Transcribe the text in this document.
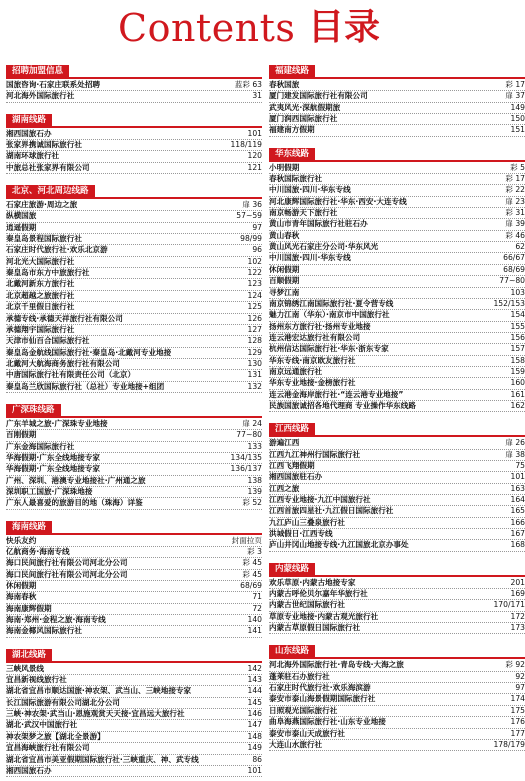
Contents 目录
招聘加盟信息
国旅咨询·石家庄联系处招聘	蓝彩 63
河北海外国际旅行社	31
湖南线路
湘西国旅石办	101
张家界携诚国际旅行社	118/119
湖南环球旅行社	120
中旅总社张家界有限公司	121
北京、河北周边线路
石家庄旅游·周边之旅	扉 36
纵横国旅	57~59
逍遥假期	97
秦皇岛景程国际旅行社	98/99
石家庄时代旅行社·欢乐北京游	96
河北光大国际旅行社	102
秦皇岛市东方中旅旅行社	122
北戴河新东方旅行社	123
北京超越之旅旅行社	124
北京千里假日旅行社	125
承德专线·承德天祥旅行社有限公司	126
承德翔宇国际旅行社	127
天津市仙百合国际旅行社	128
秦皇岛金航线国际旅行社·秦皇岛·北戴河专业地接	129
北戴河大航海商务旅行社有限公司	130
中唐国际旅行社有限责任公司（北京）	131
秦皇岛兰欣国际旅行社（总社）专业地接+组团	132
广深珠线路
广东羊城之旅·广深珠专业地接	扉 24
百刚假期	77~80
广东金海国际旅行社	133
华海假期·广东全线地接专家	134/135
华海假期·广东全线地接专家	136/137
广州、深圳、港澳专业地接社·广州通之旅	138
深圳职工国旅·广深珠地接	139
广东人最喜爱的旅游目的地（珠海）详鉴	彩 52
海南线路
快乐友约	封面拉页
亿航商务·海南专线	彩 3
海口民间旅行社有限公司河北分公司	彩 45
海口民间旅行社有限公司河北分公司	彩 45
休闲假期	68/69
海南春秋	71
海南康辉假期	72
海南·郑州·金程之旅·海南专线	140
海南金椰风国际旅行社	141
湖北线路
三峡风景线	142
宜昌新视线旅行社	143
湖北省宜昌市顺达国旅·神农架、武当山、三峡地接专家	144
长江国际旅游有限公司湖北分公司	145
三峡·神农架·武当山·恩施观赏天天接·宜昌远大旅行社	146
湖北·武汉中国旅行社	147
神农架梦之旅【湖北全景游】	148
宜昌海峡旅行社有限公司	149
湖北省宜昌市美亚假期国际旅行社·三峡重庆、神、武专线	86
湘西国旅石办	101
福建线路
春秋国旅	彩 17
厦门建发国际旅行社有限公司	扉 37
武夷风光·深航假期旅	149
厦门润西国际旅行社	150
福建南方假期	151
华东线路
小明假期	彩 5
春秋国际旅行社	彩 17
中川国旅·四川·华东专线	彩 22
河北康辉国际旅行社·华东·西安·大连专线	扉 23
南京畅游天下旅行社	彩 31
黄山市青年国际旅行社驻石办	扉 39
黄山春秋	彩 46
黄山风光石家庄分公司·华东风光	62
中川国旅·四川·华东专线	66/67
休闲假期	68/69
百顺假期	77~80
寻梦江南	103
南京锦绣江南国际旅行社·夏令营专线	152/153
魅力江南（华东）·南京市中国旅行社	154
扬州东方旅行社·扬州专业地接	155
连云港宏达旅行社有限公司	156
杭州信达国际旅行社·华东·浙东专家	157
华东专线·南京欧友旅行社	158
南京远通旅行社	159
华东专业地接·金榜旅行社	160
连云港金海岸旅行社·“连云港专业地接”	161
民族国旅诚招各地代理商 专业操作华东线路	162
江西线路
游遍江西	扉 26
江西九江神州行国际旅行社	扉 38
江西飞翔假期	75
湘西国旅驻石办	101
江西之旅	163
江西专业地接·九江中国旅行社	164
江西首旅四星社·九江假日国际旅行社	165
九江庐山三叠泉旅行社	166
洪城假日·江西专线	167
庐山井冈山地接专线·九江国旅北京办事处	168
内蒙线路
欢乐草原·内蒙古地接专家	201
内蒙古呼伦贝尔嘉年华旅行社	169
内蒙古世纪国际旅行社	170/171
草原专业地接·内蒙古观光旅行社	172
内蒙古草原假日国际旅行社	173
山东线路
河北海外国际旅行社·青岛专线·大海之旅	彩 92
蓬莱驻石办旅行社	92
石家庄时代旅行社·欢乐海滨游	97
泰安市泰山海景假期国际旅行社	174
日照观光国际旅行社	175
曲阜海燕国际旅行社·山东专业地接	176
泰安市泰山天成旅行社	177
大连山水旅行社	178/179
